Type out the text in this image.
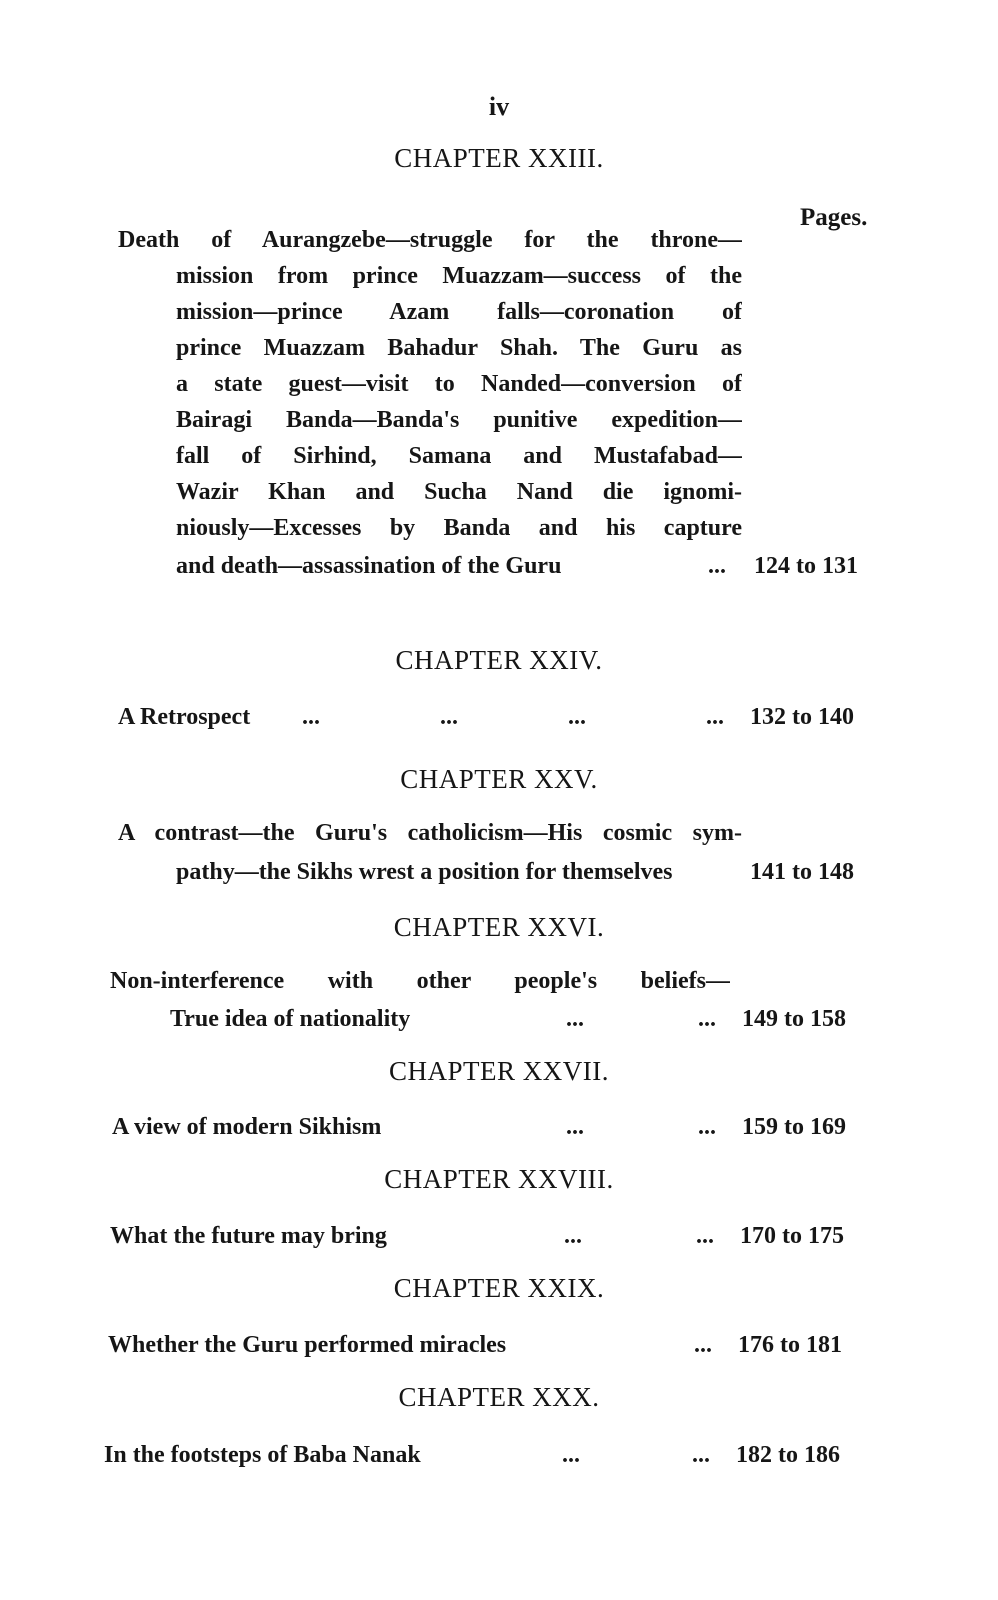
iv
CHAPTER XXIII.
Pages.
Death of Aurangzebe—struggle for the throne—
mission from prince Muazzam—success of the
mission—prince Azam falls—coronation of
prince Muazzam Bahadur Shah. The Guru as
a state guest—visit to Nanded—conversion of
Bairagi Banda—Banda's punitive expedition—
fall of Sirhind, Samana and Mustafabad—
Wazir Khan and Sucha Nand die ignomi-
niously—Excesses by Banda and his capture
and death—assassination of the Guru	... 124 to 131
CHAPTER XXIV.
A Retrospect ...	...	...	... 132 to 140
CHAPTER XXV.
A contrast—the Guru's catholicism—His cosmic sym-
pathy—the Sikhs wrest a position for themselves	141 to 148
CHAPTER XXVI.
Non-interference with other people's beliefs—
True idea of nationality	...	... 149 to 158
CHAPTER XXVII.
A view of modern Sikhism	...	... 159 to 169
CHAPTER XXVIII.
What the future may bring	...	... 170 to 175
CHAPTER XXIX.
Whether the Guru performed miracles	... 176 to 181
CHAPTER XXX.
In the footsteps of Baba Nanak	...	... 182 to 186
